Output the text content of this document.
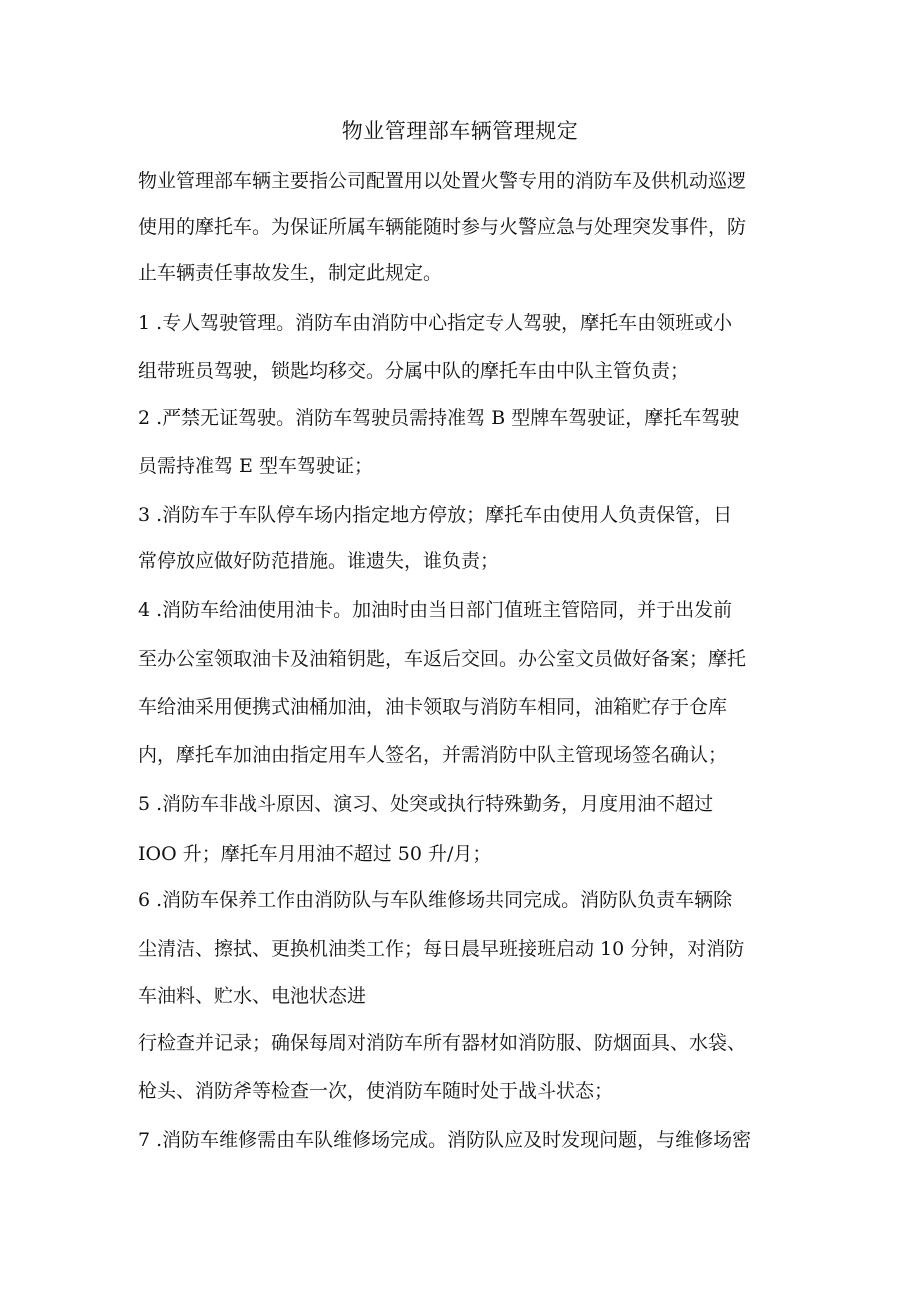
物业管理部车辆管理规定
物业管理部车辆主要指公司配置用以处置火警专用的消防车及供机动巡逻
使用的摩托车。为保证所属车辆能随时参与火警应急与处理突发事件，防
止车辆责任事故发生，制定此规定。
1 .专人驾驶管理。消防车由消防中心指定专人驾驶，摩托车由领班或小
组带班员驾驶，锁匙均移交。分属中队的摩托车由中队主管负责；
2 .严禁无证驾驶。消防车驾驶员需持准驾 B 型牌车驾驶证，摩托车驾驶
员需持准驾 E 型车驾驶证；
3 .消防车于车队停车场内指定地方停放；摩托车由使用人负责保管，日
常停放应做好防范措施。谁遗失，谁负责；
4 .消防车给油使用油卡。加油时由当日部门值班主管陪同，并于出发前
至办公室领取油卡及油箱钥匙，车返后交回。办公室文员做好备案；摩托
车给油采用便携式油桶加油，油卡领取与消防车相同，油箱贮存于仓库
内，摩托车加油由指定用车人签名，并需消防中队主管现场签名确认；
5 .消防车非战斗原因、演习、处突或执行特殊勤务，月度用油不超过
IOO 升；摩托车月用油不超过 50 升/月；
6 .消防车保养工作由消防队与车队维修场共同完成。消防队负责车辆除
尘清洁、擦拭、更换机油类工作；每日晨早班接班启动 10 分钟，对消防
车油料、贮水、电池状态进
行检查并记录；确保每周对消防车所有器材如消防服、防烟面具、水袋、
枪头、消防斧等检查一次，使消防车随时处于战斗状态；
7 .消防车维修需由车队维修场完成。消防队应及时发现问题，与维修场密
